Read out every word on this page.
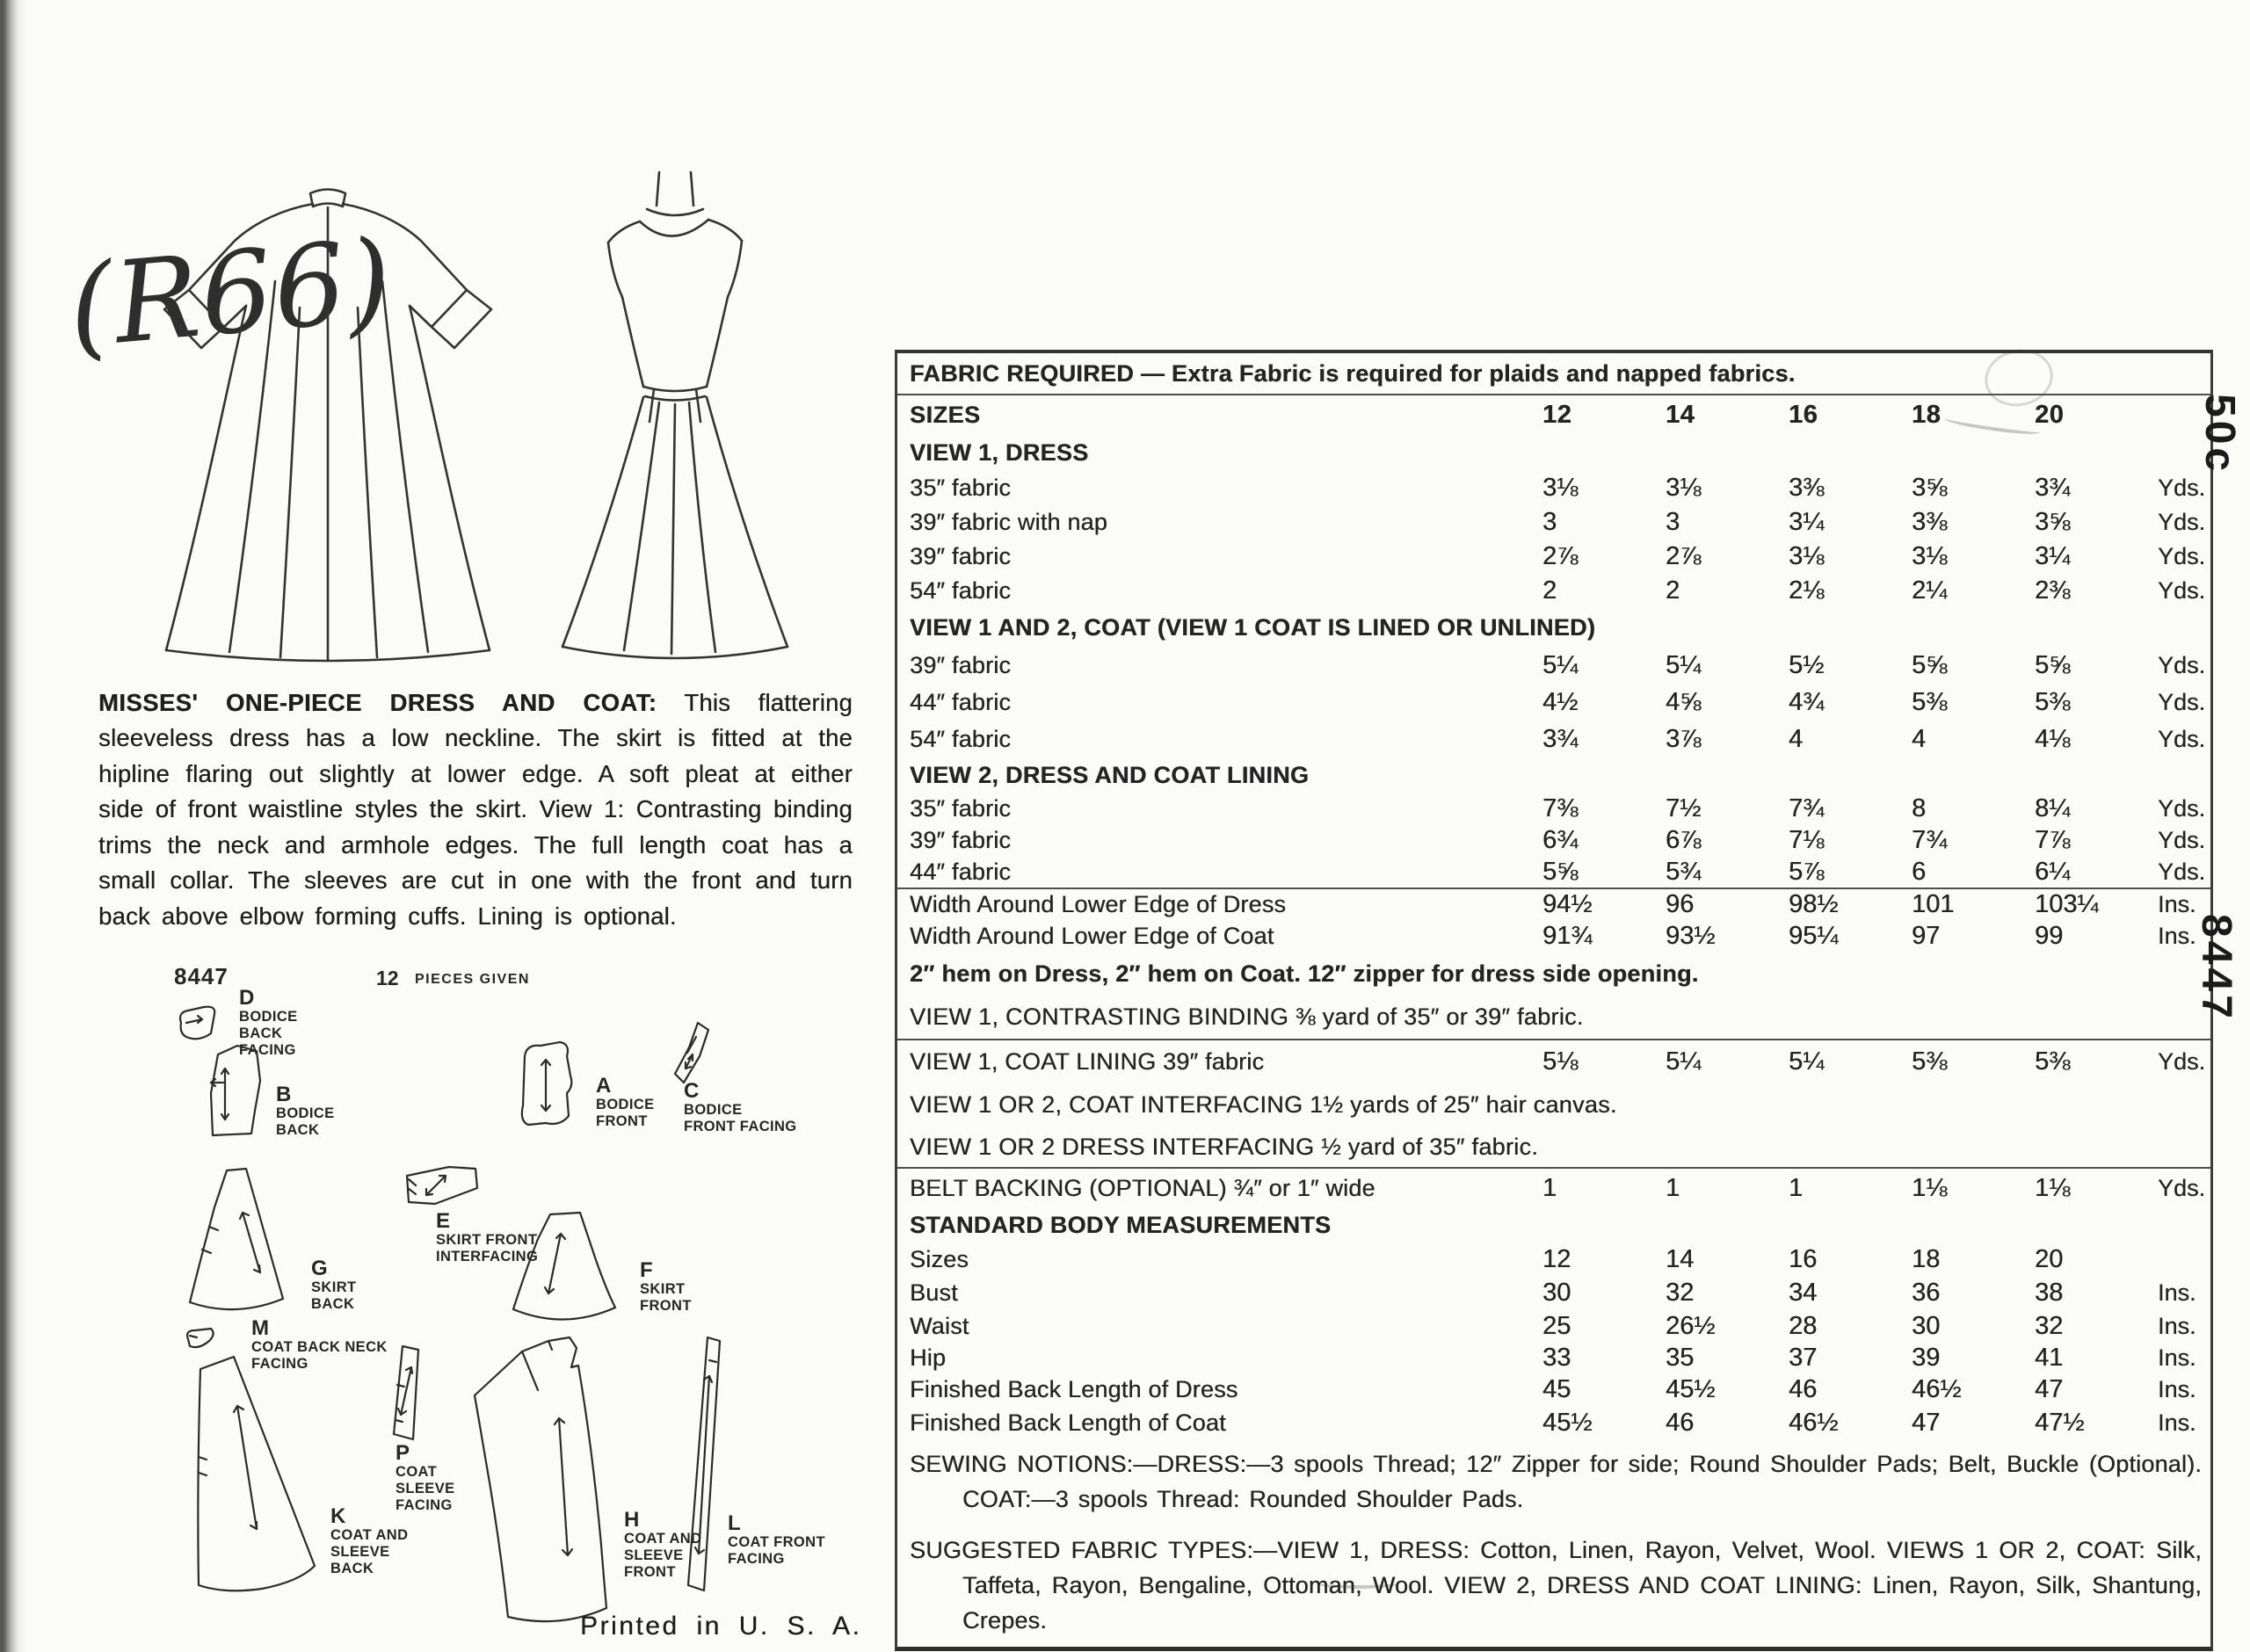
(R66)

MISSES' ONE-PIECE DRESS AND COAT: This flattering sleeveless dress has a low neckline. The skirt is fitted at the hipline flaring out slightly at lower edge. A soft pleat at either side of front waistline styles the skirt. View 1: Contrasting binding trims the neck and armhole edges. The full length coat has a small collar. The sleeves are cut in one with the front and turn back above elbow forming cuffs. Lining is optional.

8447	12 PIECES GIVEN
D
BODICE BACK FACING
B
BODICE BACK
A
BODICE FRONT
C
BODICE FRONT FACING
E
SKIRT FRONT INTERFACING
G
SKIRT BACK
F
SKIRT FRONT
M
COAT BACK NECK FACING
P
COAT SLEEVE FACING
K
COAT AND SLEEVE BACK
H
COAT AND SLEEVE FRONT
L
COAT FRONT FACING
Printed in U. S. A.
FABRIC REQUIRED — Extra Fabric is required for plaids and napped fabrics.
SIZES	12	14	16	18	20
VIEW 1, DRESS
35″ fabric	3⅛	3⅛	3⅜	3⅝	3¾	Yds.
39″ fabric with nap	3	3	3¼	3⅜	3⅝	Yds.
39″ fabric	2⅞	2⅞	3⅛	3⅛	3¼	Yds.
54″ fabric	2	2	2⅛	2¼	2⅜	Yds.
VIEW 1 AND 2, COAT (VIEW 1 COAT IS LINED OR UNLINED)
39″ fabric	5¼	5¼	5½	5⅝	5⅝	Yds.
44″ fabric	4½	4⅝	4¾	5⅜	5⅜	Yds.
54″ fabric	3¾	3⅞	4	4	4⅛	Yds.
VIEW 2, DRESS AND COAT LINING
35″ fabric	7⅜	7½	7¾	8	8¼	Yds.
39″ fabric	6¾	6⅞	7⅛	7¾	7⅞	Yds.
44″ fabric	5⅝	5¾	5⅞	6	6¼	Yds.
Width Around Lower Edge of Dress	94½	96	98½	101	103¼	Ins.
Width Around Lower Edge of Coat	91¾	93½	95¼	97	99	Ins.
2″ hem on Dress, 2″ hem on Coat. 12″ zipper for dress side opening.
VIEW 1, CONTRASTING BINDING ⅜ yard of 35″ or 39″ fabric.
VIEW 1, COAT LINING 39″ fabric	5⅛	5¼	5¼	5⅜	5⅜	Yds.
VIEW 1 OR 2, COAT INTERFACING 1½ yards of 25″ hair canvas.
VIEW 1 OR 2 DRESS INTERFACING ½ yard of 35″ fabric.
BELT BACKING (OPTIONAL) ¾″ or 1″ wide	1	1	1	1⅛	1⅛	Yds.
STANDARD BODY MEASUREMENTS
Sizes	12	14	16	18	20
Bust	30	32	34	36	38	Ins.
Waist	25	26½	28	30	32	Ins.
Hip	33	35	37	39	41	Ins.
Finished Back Length of Dress	45	45½	46	46½	47	Ins.
Finished Back Length of Coat	45½	46	46½	47	47½	Ins.
SEWING NOTIONS:—DRESS:—3 spools Thread; 12″ Zipper for side; Round Shoulder Pads; Belt, Buckle (Optional). COAT:—3 spools Thread: Rounded Shoulder Pads.
SUGGESTED FABRIC TYPES:—VIEW 1, DRESS: Cotton, Linen, Rayon, Velvet, Wool. VIEWS 1 OR 2, COAT: Silk, Taffeta, Rayon, Bengaline, Ottoman, Wool. VIEW 2, DRESS AND COAT LINING: Linen, Rayon, Silk, Shantung, Crepes.
50c
8447
